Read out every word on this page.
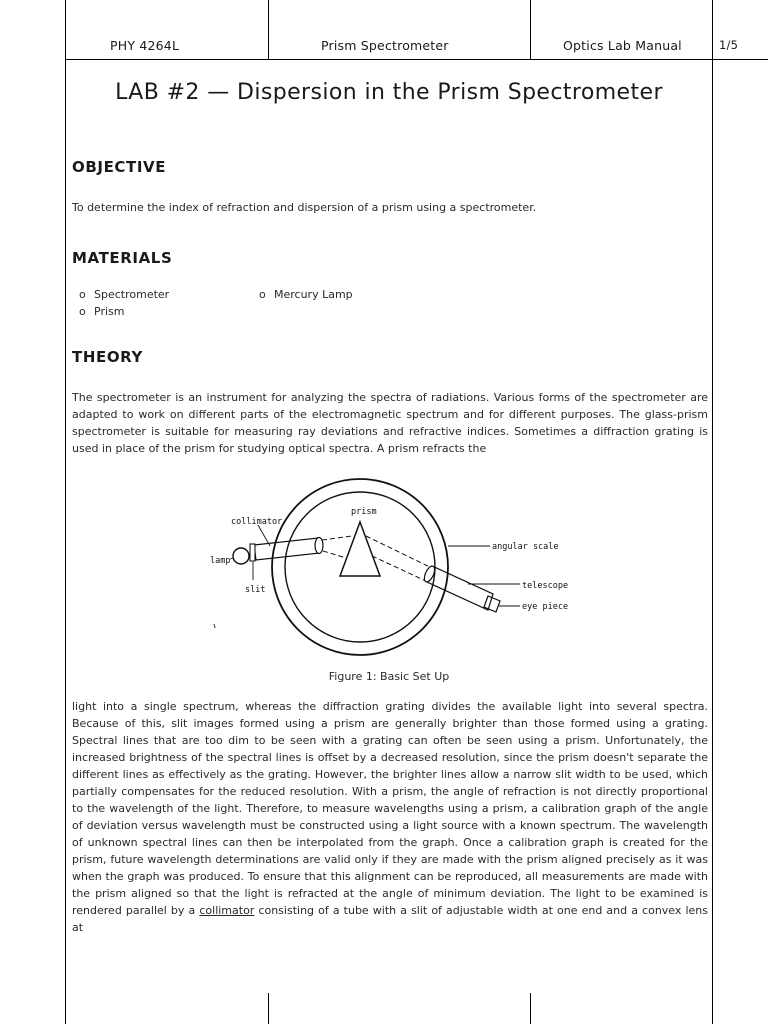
PHY 4264L	Prism Spectrometer	Optics Lab Manual	1/5
LAB #2 — Dispersion in the Prism Spectrometer
OBJECTIVE
To determine the index of refraction and dispersion of a prism using a spectrometer.
MATERIALS
o Spectrometer	o Mercury Lamp
o Prism
THEORY
The spectrometer is an instrument for analyzing the spectra of radiations. Various forms of the spectrometer are adapted to work on different parts of the electromagnetic spectrum and for different purposes. The glass-prism spectrometer is suitable for measuring ray deviations and refractive indices. Sometimes a diffraction grating is used in place of the prism for studying optical spectra. A prism refracts the
prism
collimator
lamp
slit
angular scale
telescope
eye piece
Figure 1: Basic Set Up
light into a single spectrum, whereas the diffraction grating divides the available light into several spectra. Because of this, slit images formed using a prism are generally brighter than those formed using a grating. Spectral lines that are too dim to be seen with a grating can often be seen using a prism. Unfortunately, the increased brightness of the spectral lines is offset by a decreased resolution, since the prism doesn't separate the different lines as effectively as the grating. However, the brighter lines allow a narrow slit width to be used, which partially compensates for the reduced resolution. With a prism, the angle of refraction is not directly proportional to the wavelength of the light. Therefore, to measure wavelengths using a prism, a calibration graph of the angle of deviation versus wavelength must be constructed using a light source with a known spectrum. The wavelength of unknown spectral lines can then be interpolated from the graph. Once a calibration graph is created for the prism, future wavelength determinations are valid only if they are made with the prism aligned precisely as it was when the graph was produced. To ensure that this alignment can be reproduced, all measurements are made with the prism aligned so that the light is refracted at the angle of minimum deviation. The light to be examined is rendered parallel by a collimator consisting of a tube with a slit of adjustable width at one end and a convex lens at
